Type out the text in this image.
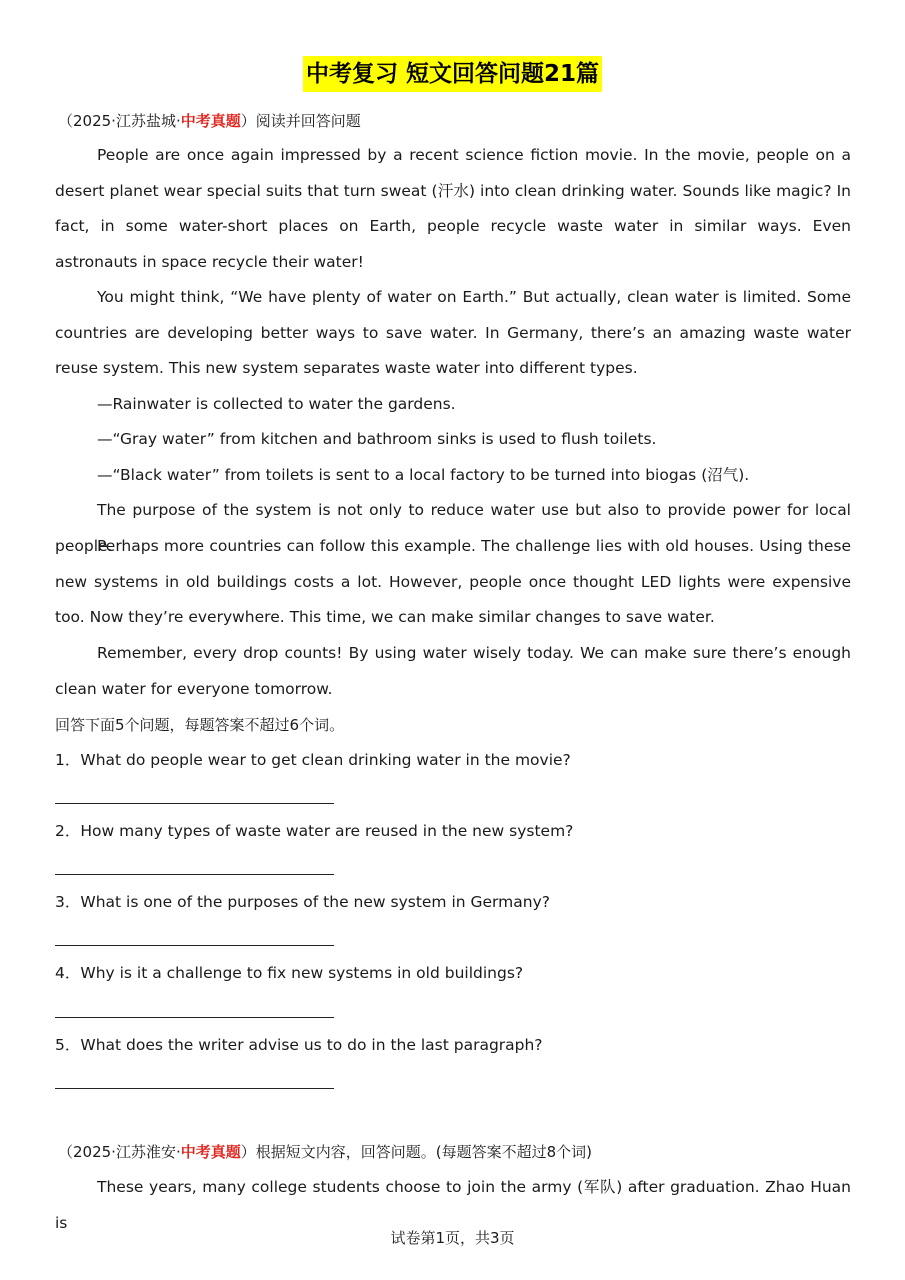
中考复习 短文回答问题21篇
（2025·江苏盐城·中考真题）阅读并回答问题

People are once again impressed by a recent science fiction movie. In the movie, people on a desert planet wear special suits that turn sweat (汗水) into clean drinking water. Sounds like magic? In fact, in some water-short places on Earth, people recycle waste water in similar ways. Even astronauts in space recycle their water!

You might think, “We have plenty of water on Earth.” But actually, clean water is limited. Some countries are developing better ways to save water. In Germany, there’s an amazing waste water reuse system. This new system separates waste water into different types.

—Rainwater is collected to water the gardens.

—“Gray water” from kitchen and bathroom sinks is used to flush toilets.

—“Black water” from toilets is sent to a local factory to be turned into biogas (沼气).

The purpose of the system is not only to reduce water use but also to provide power for local people.

Perhaps more countries can follow this example. The challenge lies with old houses. Using these new systems in old buildings costs a lot. However, people once thought LED lights were expensive too. Now they’re everywhere. This time, we can make similar changes to save water.

Remember, every drop counts! By using water wisely today. We can make sure there’s enough clean water for everyone tomorrow.

回答下面5个问题，每题答案不超过6个词。
1．What do people wear to get clean drinking water in the movie?
2．How many types of waste water are reused in the new system?
3．What is one of the purposes of the new system in Germany?
4．Why is it a challenge to fix new systems in old buildings?
5．What does the writer advise us to do in the last paragraph?
（2025·江苏淮安·中考真题）根据短文内容，回答问题。(每题答案不超过8个词)

These years, many college students choose to join the army (军队) after graduation. Zhao Huan is

试卷第1页，共3页
